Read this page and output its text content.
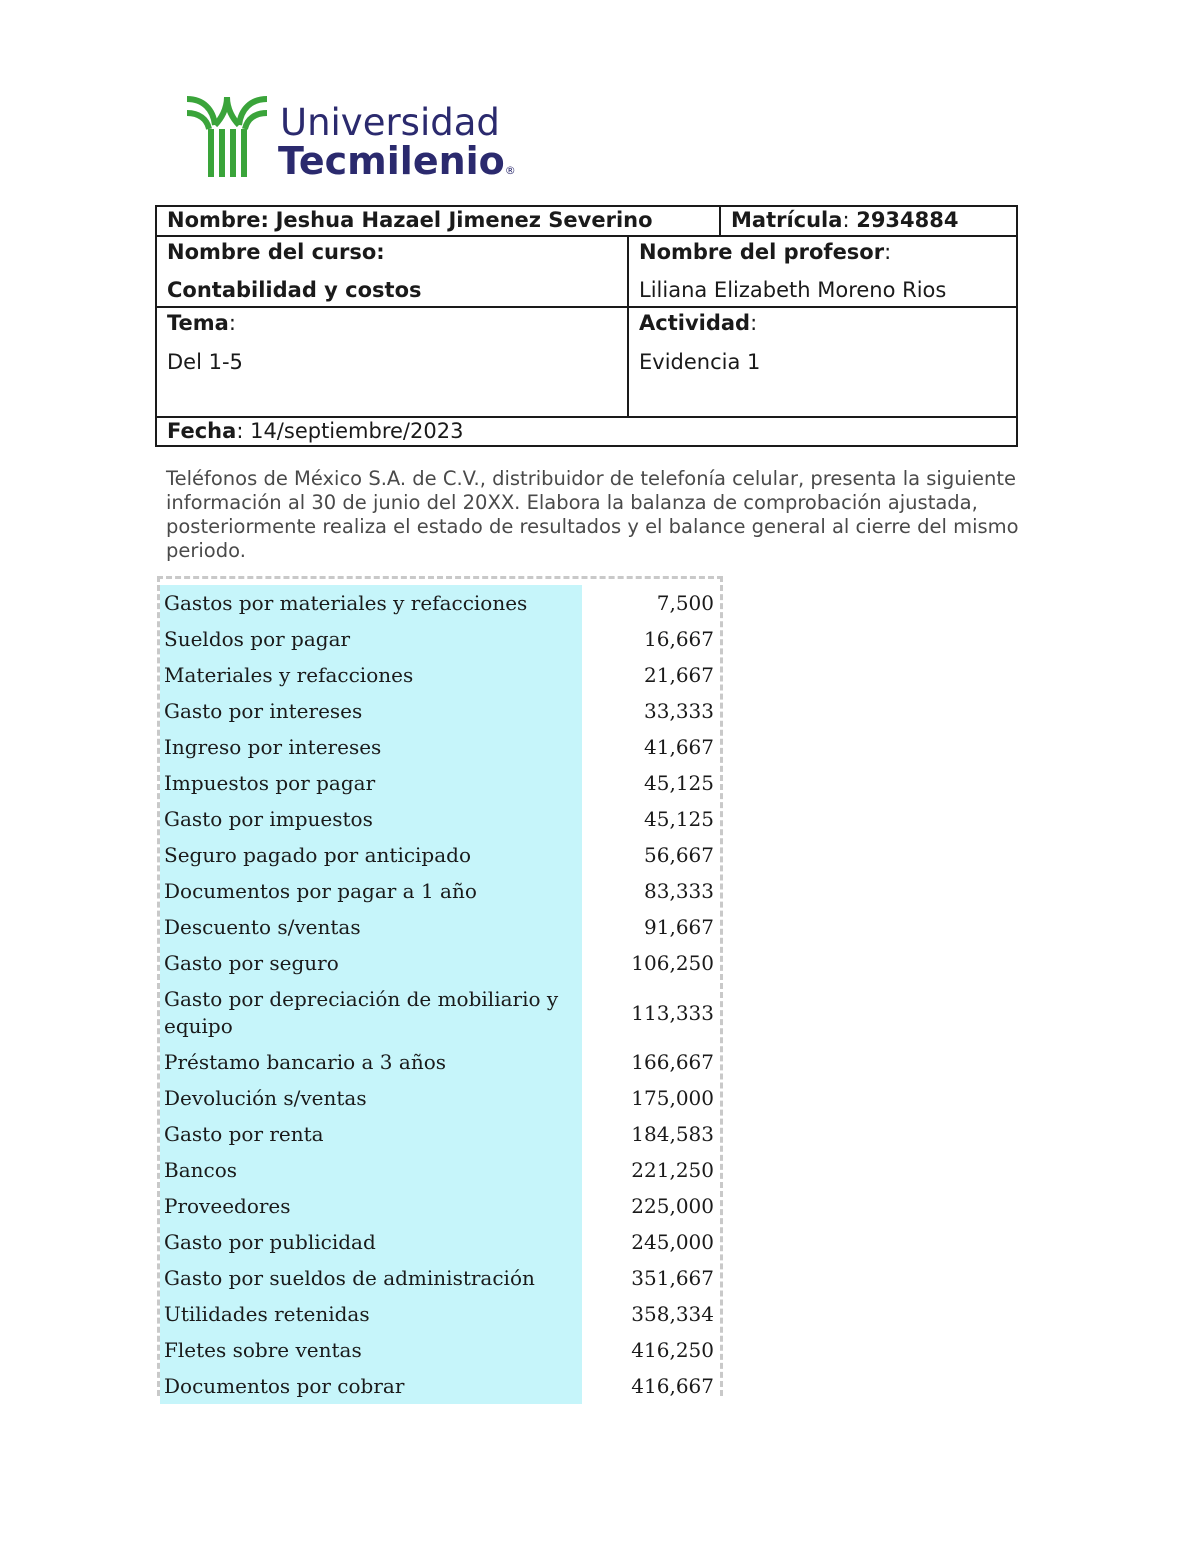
Universidad
Tecmilenio®
Nombre: Jeshua Hazael Jimenez Severino	Matrícula: 2934884
Nombre del curso:
Contabilidad y costos
Nombre del profesor:
Liliana Elizabeth Moreno Rios
Tema:
Del 1-5
Actividad:
Evidencia 1
Fecha: 14/septiembre/2023
Teléfonos de México S.A. de C.V., distribuidor de telefonía celular, presenta la siguiente información al 30 de junio del 20XX. Elabora la balanza de comprobación ajustada, posteriormente realiza el estado de resultados y el balance general al cierre del mismo periodo.
Gastos por materiales y refacciones	7,500
Sueldos por pagar	16,667
Materiales y refacciones	21,667
Gasto por intereses	33,333
Ingreso por intereses	41,667
Impuestos por pagar	45,125
Gasto por impuestos	45,125
Seguro pagado por anticipado	56,667
Documentos por pagar a 1 año	83,333
Descuento s/ventas	91,667
Gasto por seguro	106,250
Gasto por depreciación de mobiliario y equipo	113,333
Préstamo bancario a 3 años	166,667
Devolución s/ventas	175,000
Gasto por renta	184,583
Bancos	221,250
Proveedores	225,000
Gasto por publicidad	245,000
Gasto por sueldos de administración	351,667
Utilidades retenidas	358,334
Fletes sobre ventas	416,250
Documentos por cobrar	416,667
